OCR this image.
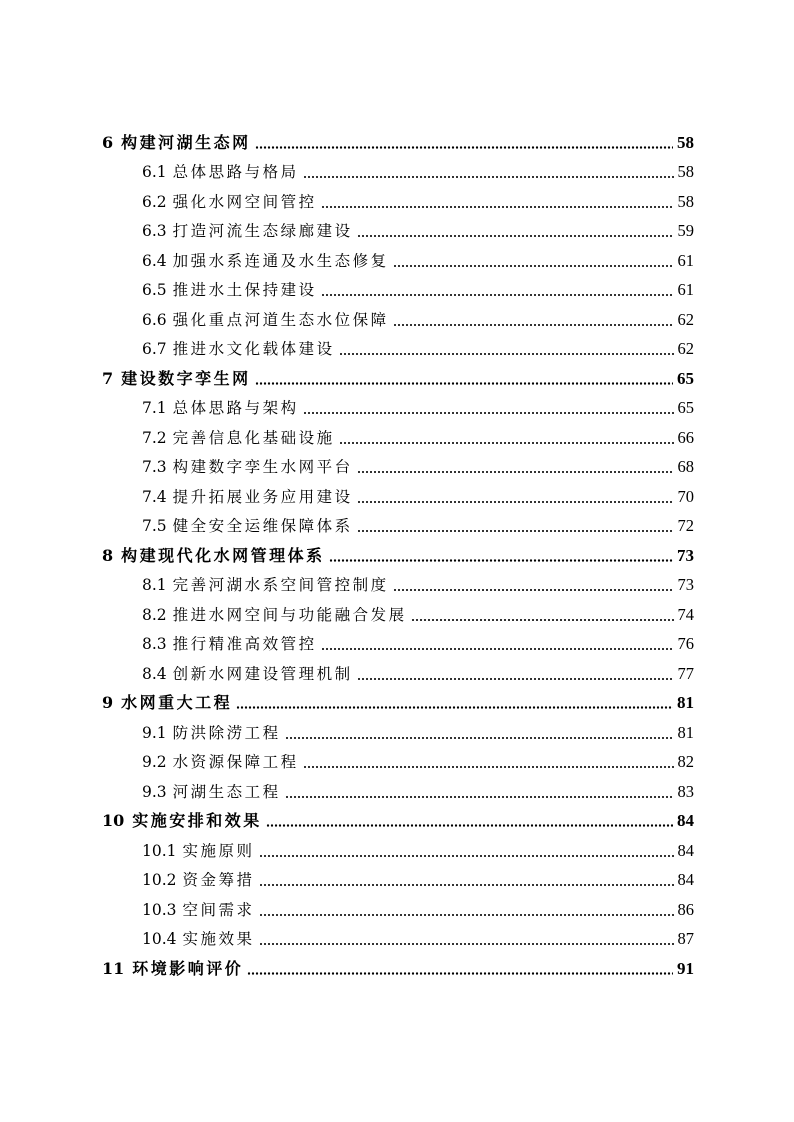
6 构建河湖生态网	58
6.1 总体思路与格局	58
6.2 强化水网空间管控	58
6.3 打造河流生态绿廊建设	59
6.4 加强水系连通及水生态修复	61
6.5 推进水土保持建设	61
6.6 强化重点河道生态水位保障	62
6.7 推进水文化载体建设	62
7 建设数字孪生网	65
7.1 总体思路与架构	65
7.2 完善信息化基础设施	66
7.3 构建数字孪生水网平台	68
7.4 提升拓展业务应用建设	70
7.5 健全安全运维保障体系	72
8 构建现代化水网管理体系	73
8.1 完善河湖水系空间管控制度	73
8.2 推进水网空间与功能融合发展	74
8.3 推行精准高效管控	76
8.4 创新水网建设管理机制	77
9 水网重大工程	81
9.1 防洪除涝工程	81
9.2 水资源保障工程	82
9.3 河湖生态工程	83
10 实施安排和效果	84
10.1 实施原则	84
10.2 资金筹措	84
10.3 空间需求	86
10.4 实施效果	87
11 环境影响评价	91
